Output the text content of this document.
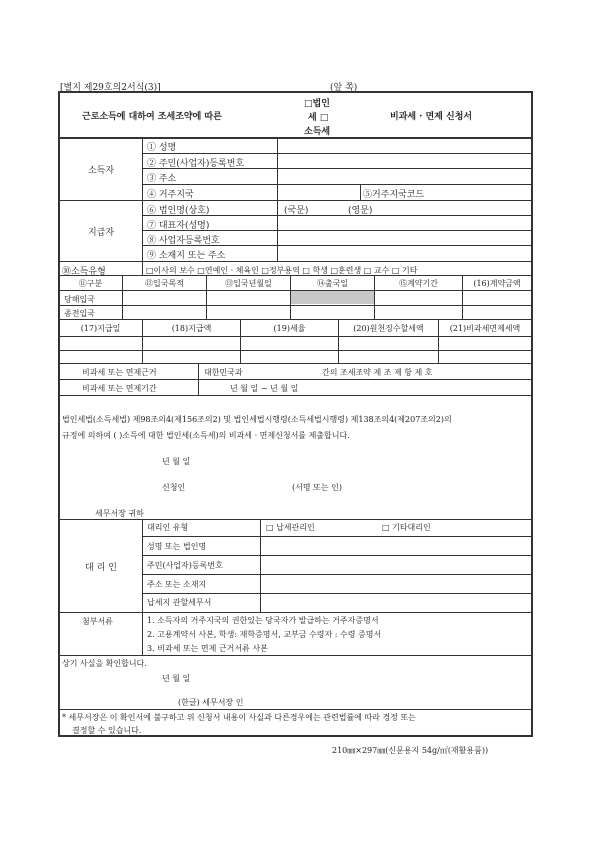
[별지 제29호의2서식(3)]	(앞 쪽)
근로소득에 대하여 조세조약에 따른
□법인
세 □
소득세
비과세 · 면제 신청서
소득자
① 성명
② 주민(사업자)등록번호
③ 주소
④ 거주지국	⑤거주지국코드
지급자
⑥ 법인명(상호)	(국문)	(영문)
⑦ 대표자(성명)
⑧ 사업자등록번호
⑨ 소재지 또는 주소
⑩소득유형	□이사의 보수 □연예인 · 체육인 □정부용역 □ 학생 □훈련생 □ 교수 □ 기타
⑪구분	⑫입국목적	⑬입국년월일	⑭출국일	⑮계약기간	(16)계약금액
당해입국
종전입국
(17)지급일	(18)지급액	(19)세율	(20)원천징수할세액	(21)비과세면제세액
비과세 또는 면제근거	대한민국과	간의 조세조약 제 조 제 항 제 호
비과세 또는 면제기간	년 월 일 ~ 년 월 일
법인세법(소득세법) 제98조의4(제156조의2) 및 법인세법시행령(소득세법시행령) 제138조의4(제207조의2)의
규정에 의하여 ( )소득에 대한 법인세(소득세)의 비과세 · 면제신청서를 제출합니다.
년 월 일
신청인	(서명 또는 인)
세무서장 귀하
대 리 인
대리인 유형	□ 납세관리인	□ 기타대리인
성명 또는 법인명
주민(사업자)등록번호
주소 또는 소재지
납세지 관할세무서
첨부서류	1. 소득자의 거주지국의 권한있는 당국자가 발급하는 거주자증명서
2. 고용계약서 사본, 학생: 재학증명서, 교부금 수령자 : 수령 증명서
3. 비과세 또는 면제 근거서류 사본
상기 사실을 확인합니다.
년 월 일
(한글) 세무서장 인
* 세무서장은 이 확인서에 불구하고 위 신청서 내용이 사실과 다른경우에는 관련법률에 따라 경정 또는
결정할 수 있습니다.
210㎜×297㎜(신문용지 54g/㎡(재활용품))
